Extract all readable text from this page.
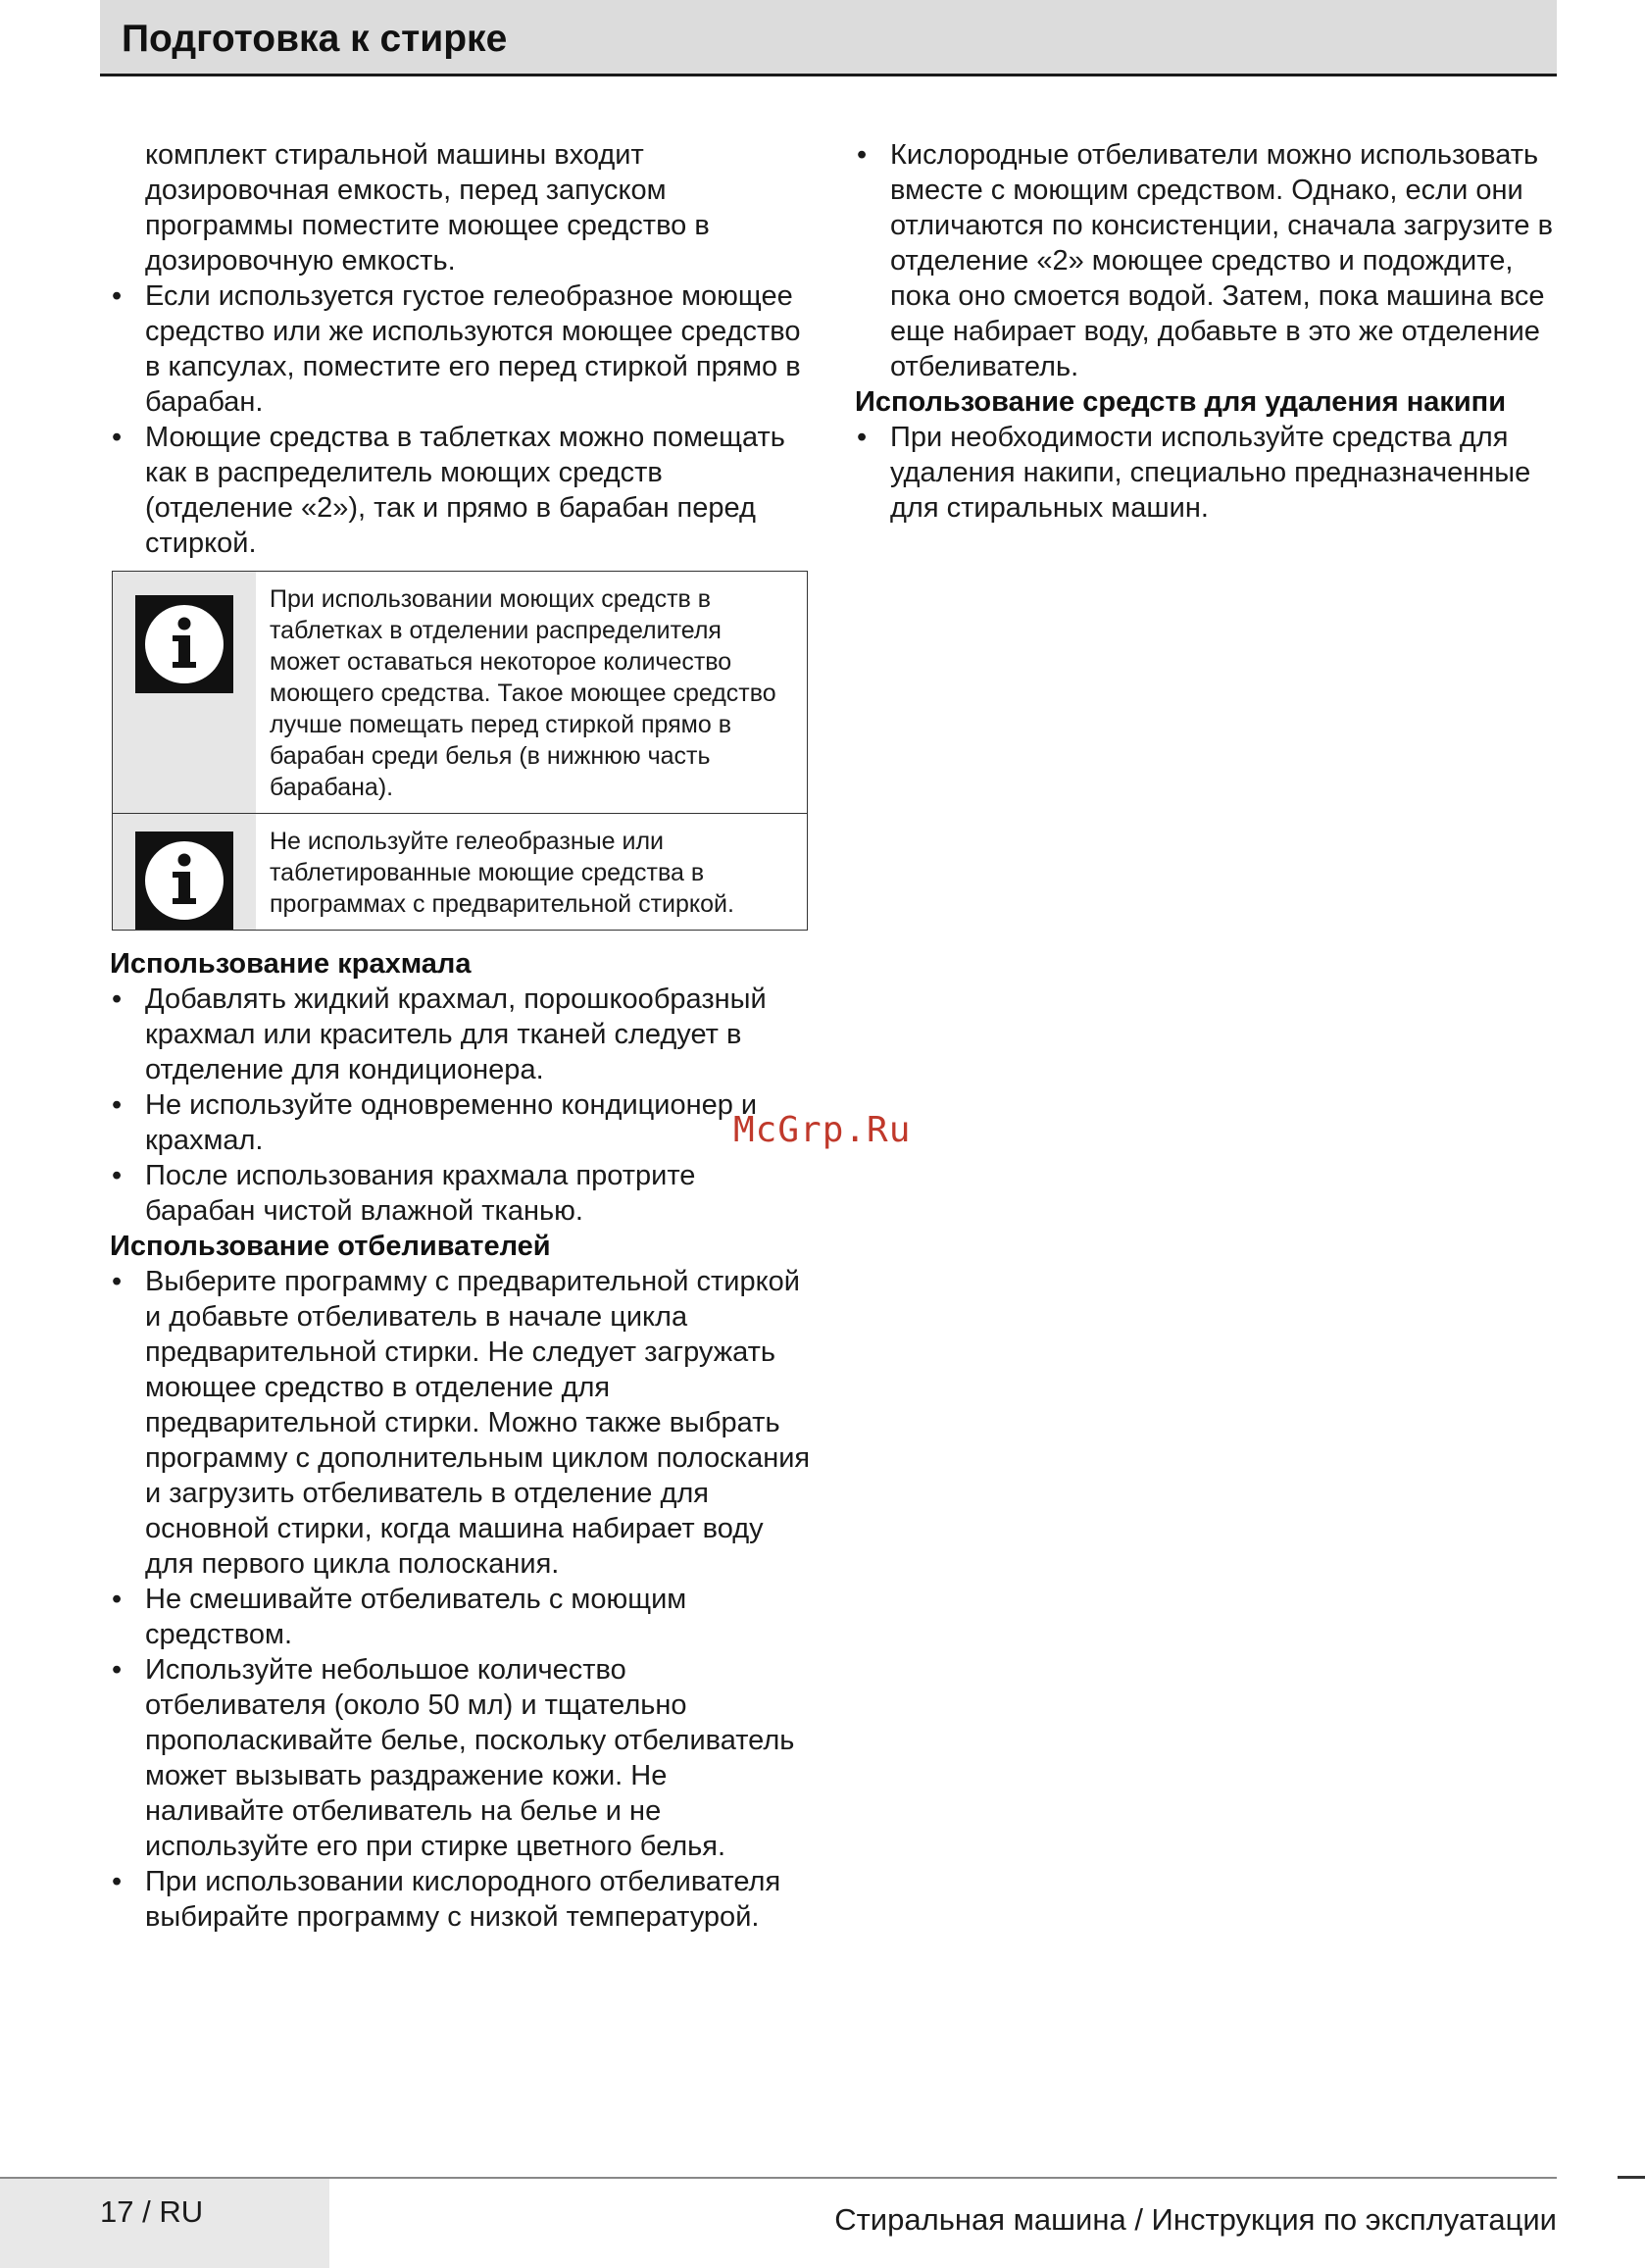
Подготовка к стирке
комплект стиральной машины входит
дозировочная емкость, перед запуском
программы поместите моющее средство в
дозировочную емкость.
• Если используется густое гелеобразное моющее средство или же используются моющее средство в капсулах, поместите его перед стиркой прямо в барабан.
• Моющие средства в таблетках можно помещать как в распределитель моющих средств (отделение «2»), так и прямо в барабан перед стиркой.
При использовании моющих средств в таблетках в отделении распределителя может оставаться некоторое количество моющего средства. Такое моющее средство лучше помещать перед стиркой прямо в барабан среди белья (в нижнюю часть барабана).
Не используйте гелеобразные или таблетированные моющие средства в программах с предварительной стиркой.
Использование крахмала
• Добавлять жидкий крахмал, порошкообразный крахмал или краситель для тканей следует в отделение для кондиционера.
• Не используйте одновременно кондиционер и крахмал.
• После использования крахмала протрите барабан чистой влажной тканью.
Использование отбеливателей
• Выберите программу с предварительной стиркой и добавьте отбеливатель в начале цикла предварительной стирки. Не следует загружать моющее средство в отделение для предварительной стирки. Можно также выбрать программу с дополнительным циклом полоскания и загрузить отбеливатель в отделение для основной стирки, когда машина набирает воду для первого цикла полоскания.
• Не смешивайте отбеливатель с моющим средством.
• Используйте небольшое количество отбеливателя (около 50 мл) и тщательно прополаскивайте белье, поскольку отбеливатель может вызывать раздражение кожи. Не наливайте отбеливатель на белье и не используйте его при стирке цветного белья.
• При использовании кислородного отбеливателя выбирайте программу с низкой температурой.
• Кислородные отбеливатели можно использовать вместе с моющим средством. Однако, если они отличаются по консистенции, сначала загрузите в отделение «2» моющее средство и подождите, пока оно смоется водой. Затем, пока машина все еще набирает воду, добавьте в это же отделение отбеливатель.
Использование средств для удаления накипи
• При необходимости используйте средства для удаления накипи, специально предназначенные для стиральных машин.
McGrp.Ru
17 / RU	Стиральная машина / Инструкция по эксплуатации
